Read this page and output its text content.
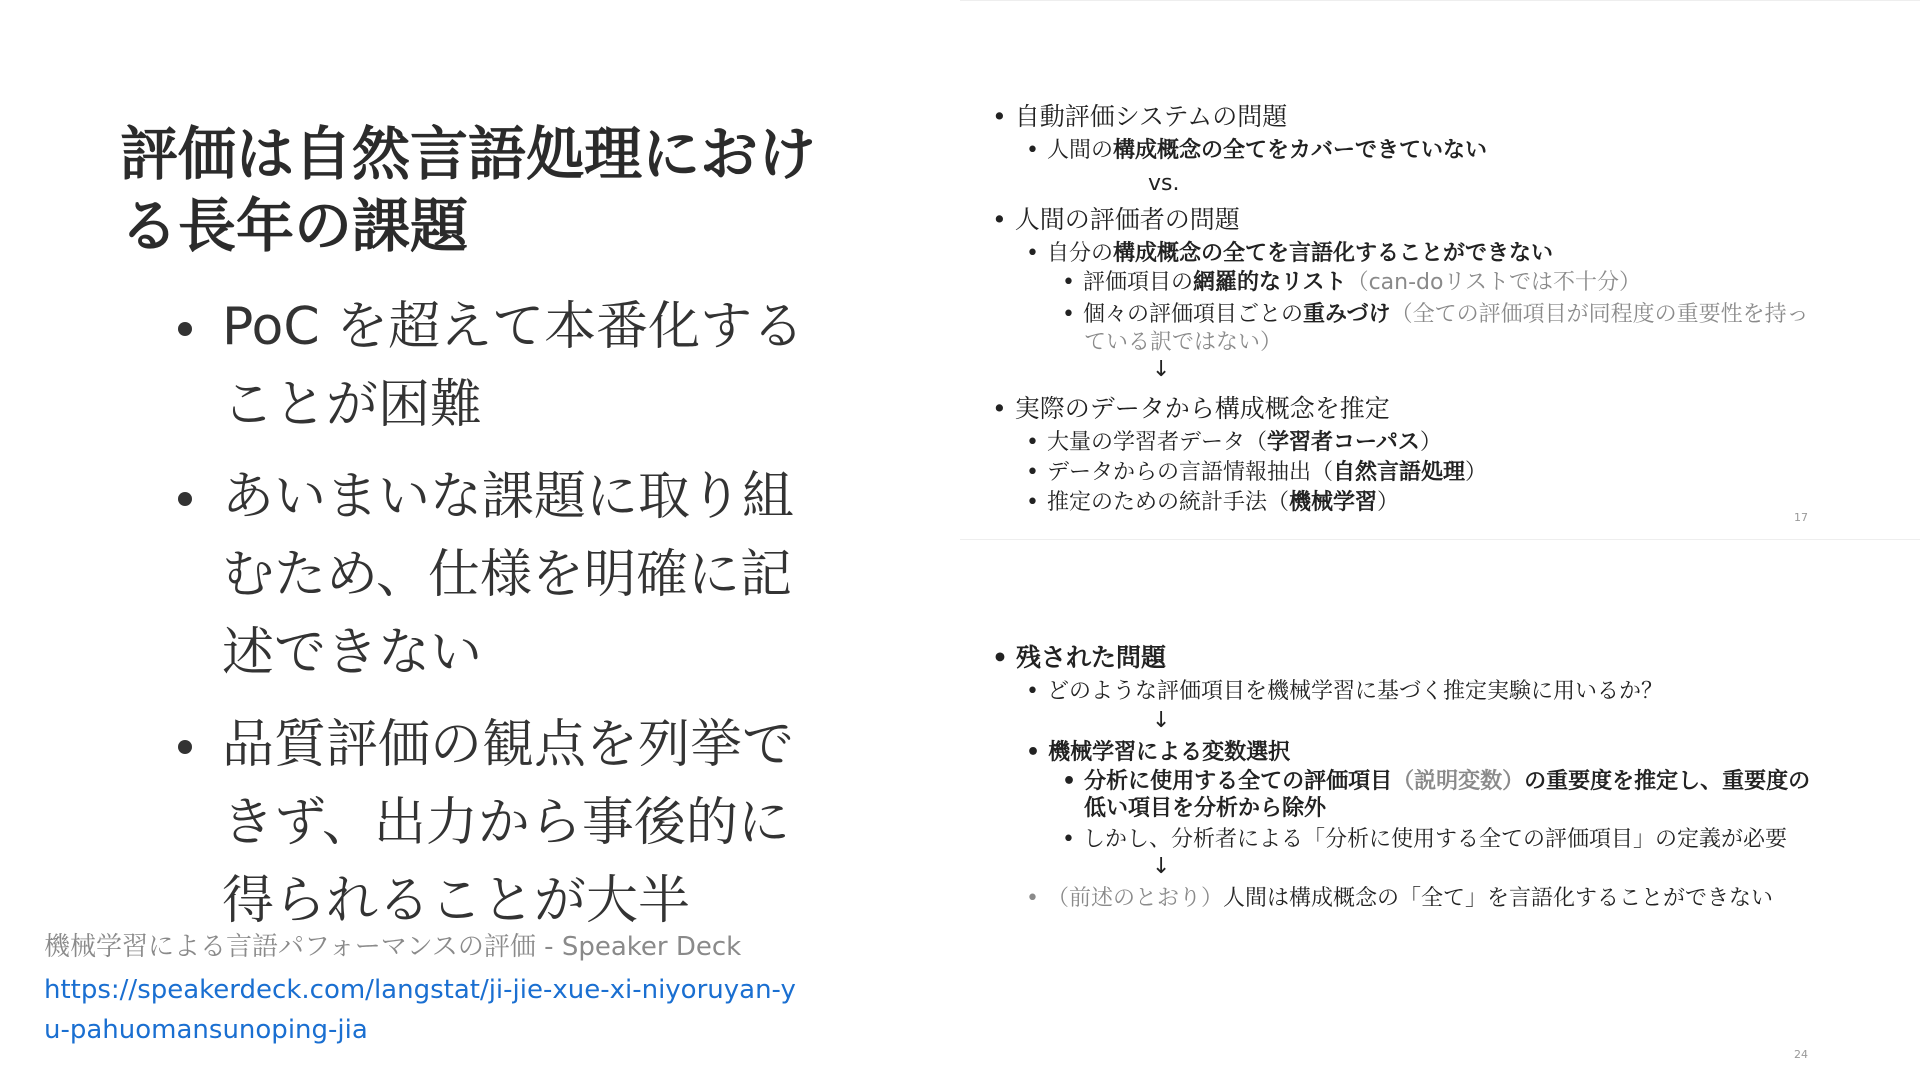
評価は自然言語処理における長年の課題
PoC を超えて本番化することが困難
あいまいな課題に取り組むため、仕様を明確に記述できない
品質評価の観点を列挙できず、出力から事後的に得られることが大半
機械学習による言語パフォーマンスの評価 - Speaker Deck
https://speakerdeck.com/langstat/ji-jie-xue-xi-niyoruyan-yu-pahuomansunoping-jia
• 自動評価システムの問題
• 人間の構成概念の全てをカバーできていない
vs.
• 人間の評価者の問題
• 自分の構成概念の全てを言語化することができない
• 評価項目の網羅的なリスト（can-doリストでは不十分）
• 個々の評価項目ごとの重みづけ（全ての評価項目が同程度の重要性を持っ
ている訳ではない）
↓
• 実際のデータから構成概念を推定
• 大量の学習者データ（学習者コーパス）
• データからの言語情報抽出（自然言語処理）
• 推定のための統計手法（機械学習）
17
• 残された問題
• どのような評価項目を機械学習に基づく推定実験に用いるか？
↓
• 機械学習による変数選択
• 分析に使用する全ての評価項目（説明変数）の重要度を推定し、重要度の
低い項目を分析から除外
• しかし、分析者による「分析に使用する全ての評価項目」の定義が必要
↓
• （前述のとおり）人間は構成概念の「全て」を言語化することができない
24
